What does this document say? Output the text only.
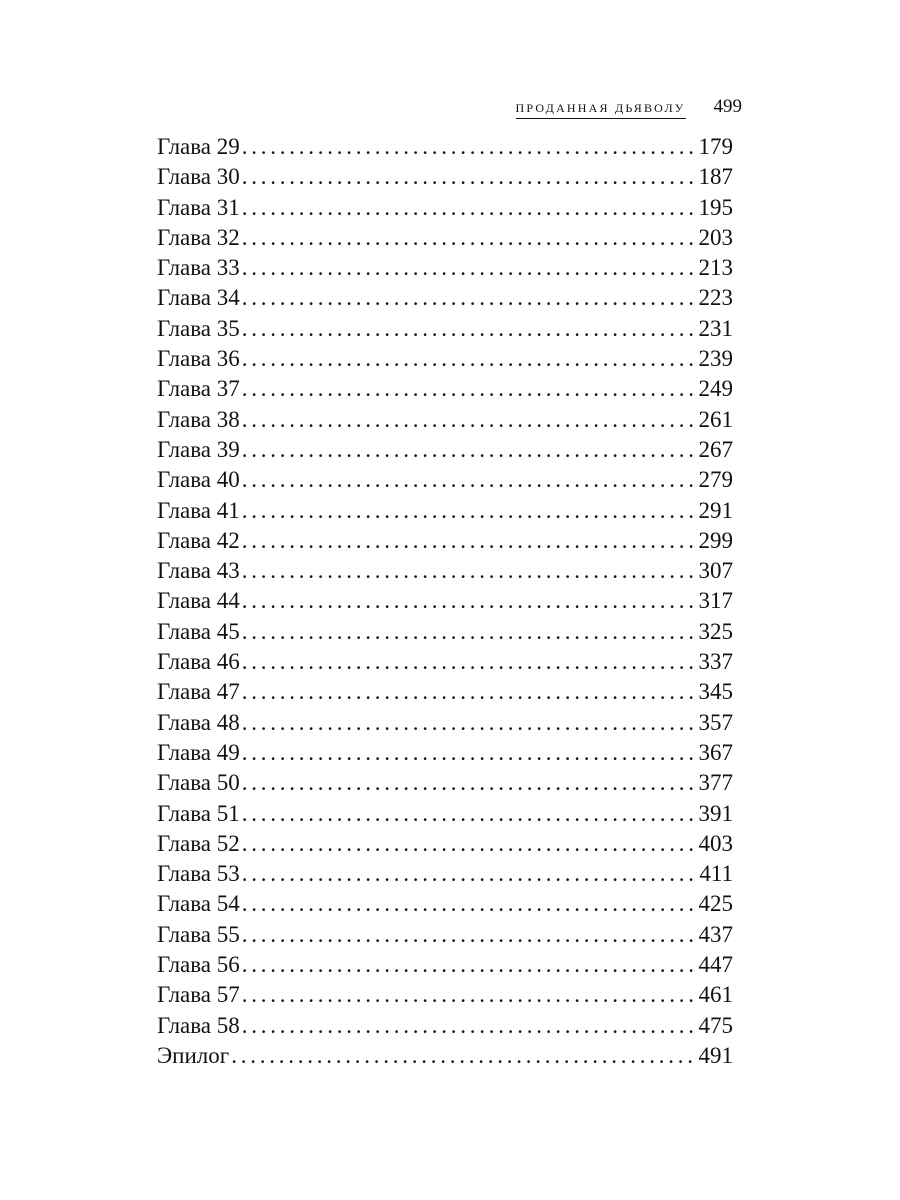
ПРОДАННАЯ ДЬЯВОЛУ 499
Глава 29 . . .	179
Глава 30 . . .	187
Глава 31 . . .	195
Глава 32 . . .	203
Глава 33 . . .	213
Глава 34 . . .	223
Глава 35 . . .	231
Глава 36 . . .	239
Глава 37 . . .	249
Глава 38 . . .	261
Глава 39 . . .	267
Глава 40 . . .	279
Глава 41 . . .	291
Глава 42 . . .	299
Глава 43 . . .	307
Глава 44 . . .	317
Глава 45 . . .	325
Глава 46 . . .	337
Глава 47 . . .	345
Глава 48 . . .	357
Глава 49 . . .	367
Глава 50 . . .	377
Глава 51 . . .	391
Глава 52 . . .	403
Глава 53 . . .	411
Глава 54 . . .	425
Глава 55 . . .	437
Глава 56 . . .	447
Глава 57 . . .	461
Глава 58 . . .	475
Эпилог . . .	491
